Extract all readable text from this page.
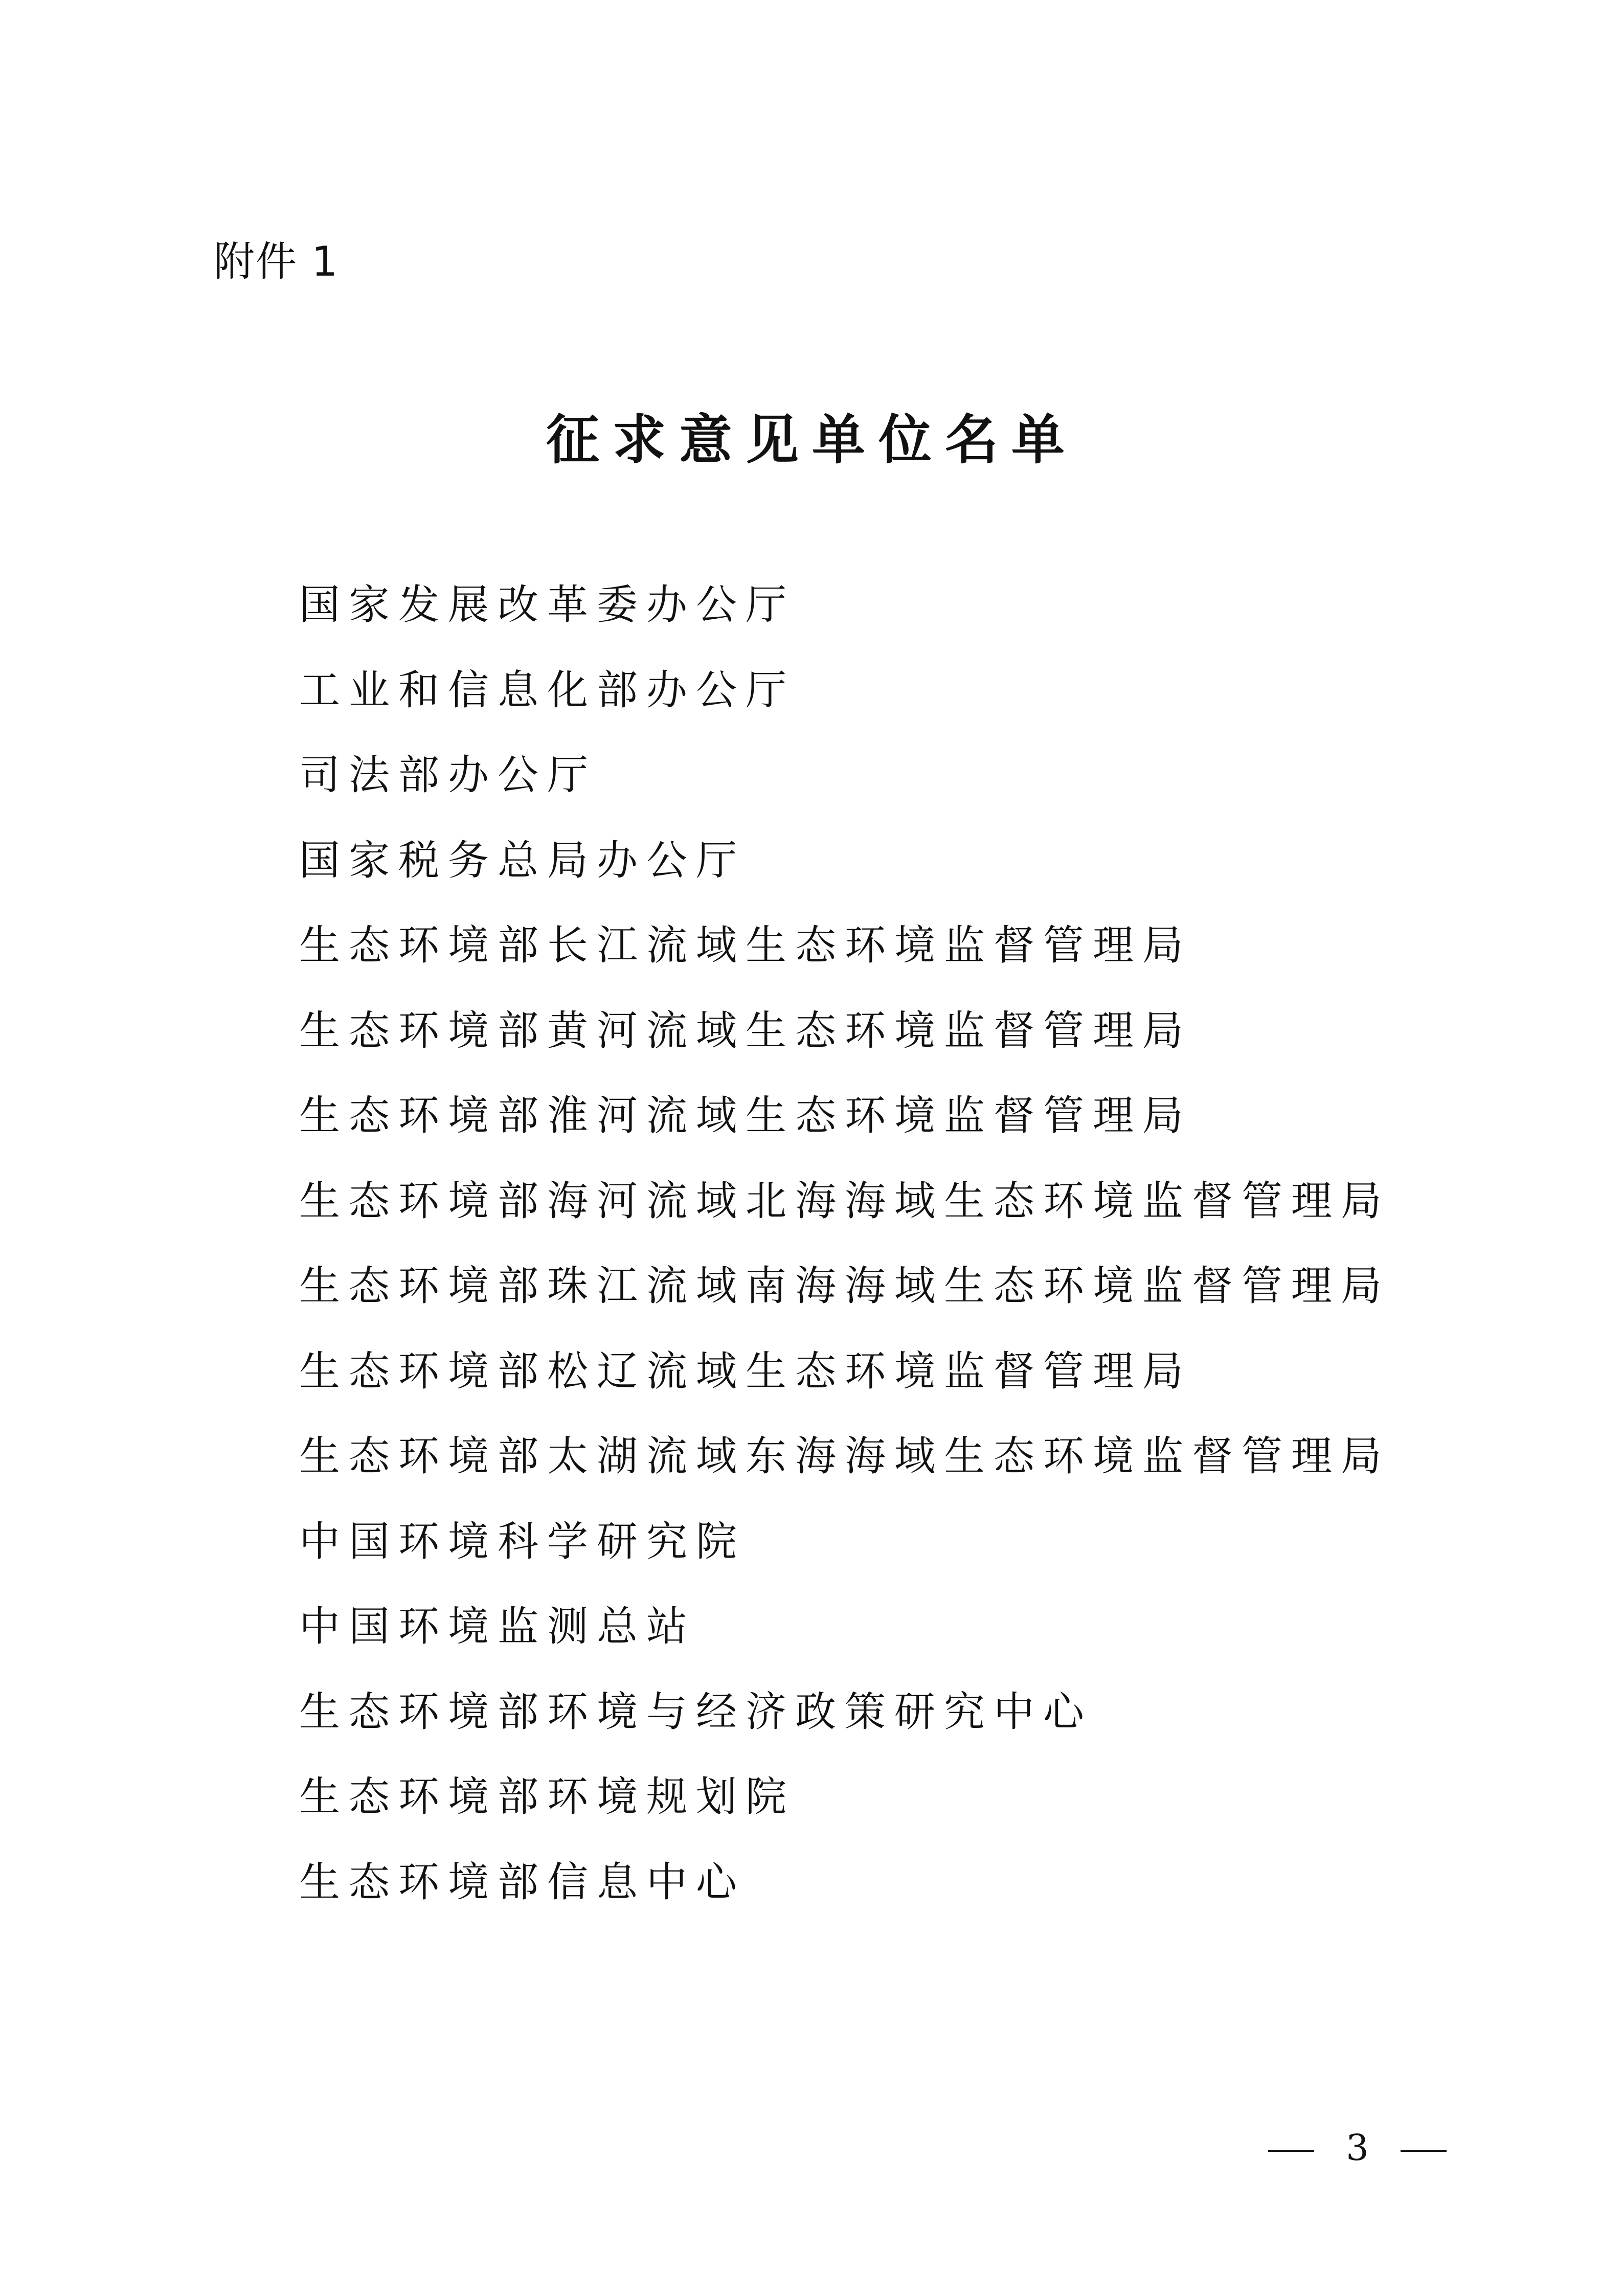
附件 1
征求意见单位名单
国家发展改革委办公厅
工业和信息化部办公厅
司法部办公厅
国家税务总局办公厅
生态环境部长江流域生态环境监督管理局
生态环境部黄河流域生态环境监督管理局
生态环境部淮河流域生态环境监督管理局
生态环境部海河流域北海海域生态环境监督管理局
生态环境部珠江流域南海海域生态环境监督管理局
生态环境部松辽流域生态环境监督管理局
生态环境部太湖流域东海海域生态环境监督管理局
中国环境科学研究院
中国环境监测总站
生态环境部环境与经济政策研究中心
生态环境部环境规划院
生态环境部信息中心
3
